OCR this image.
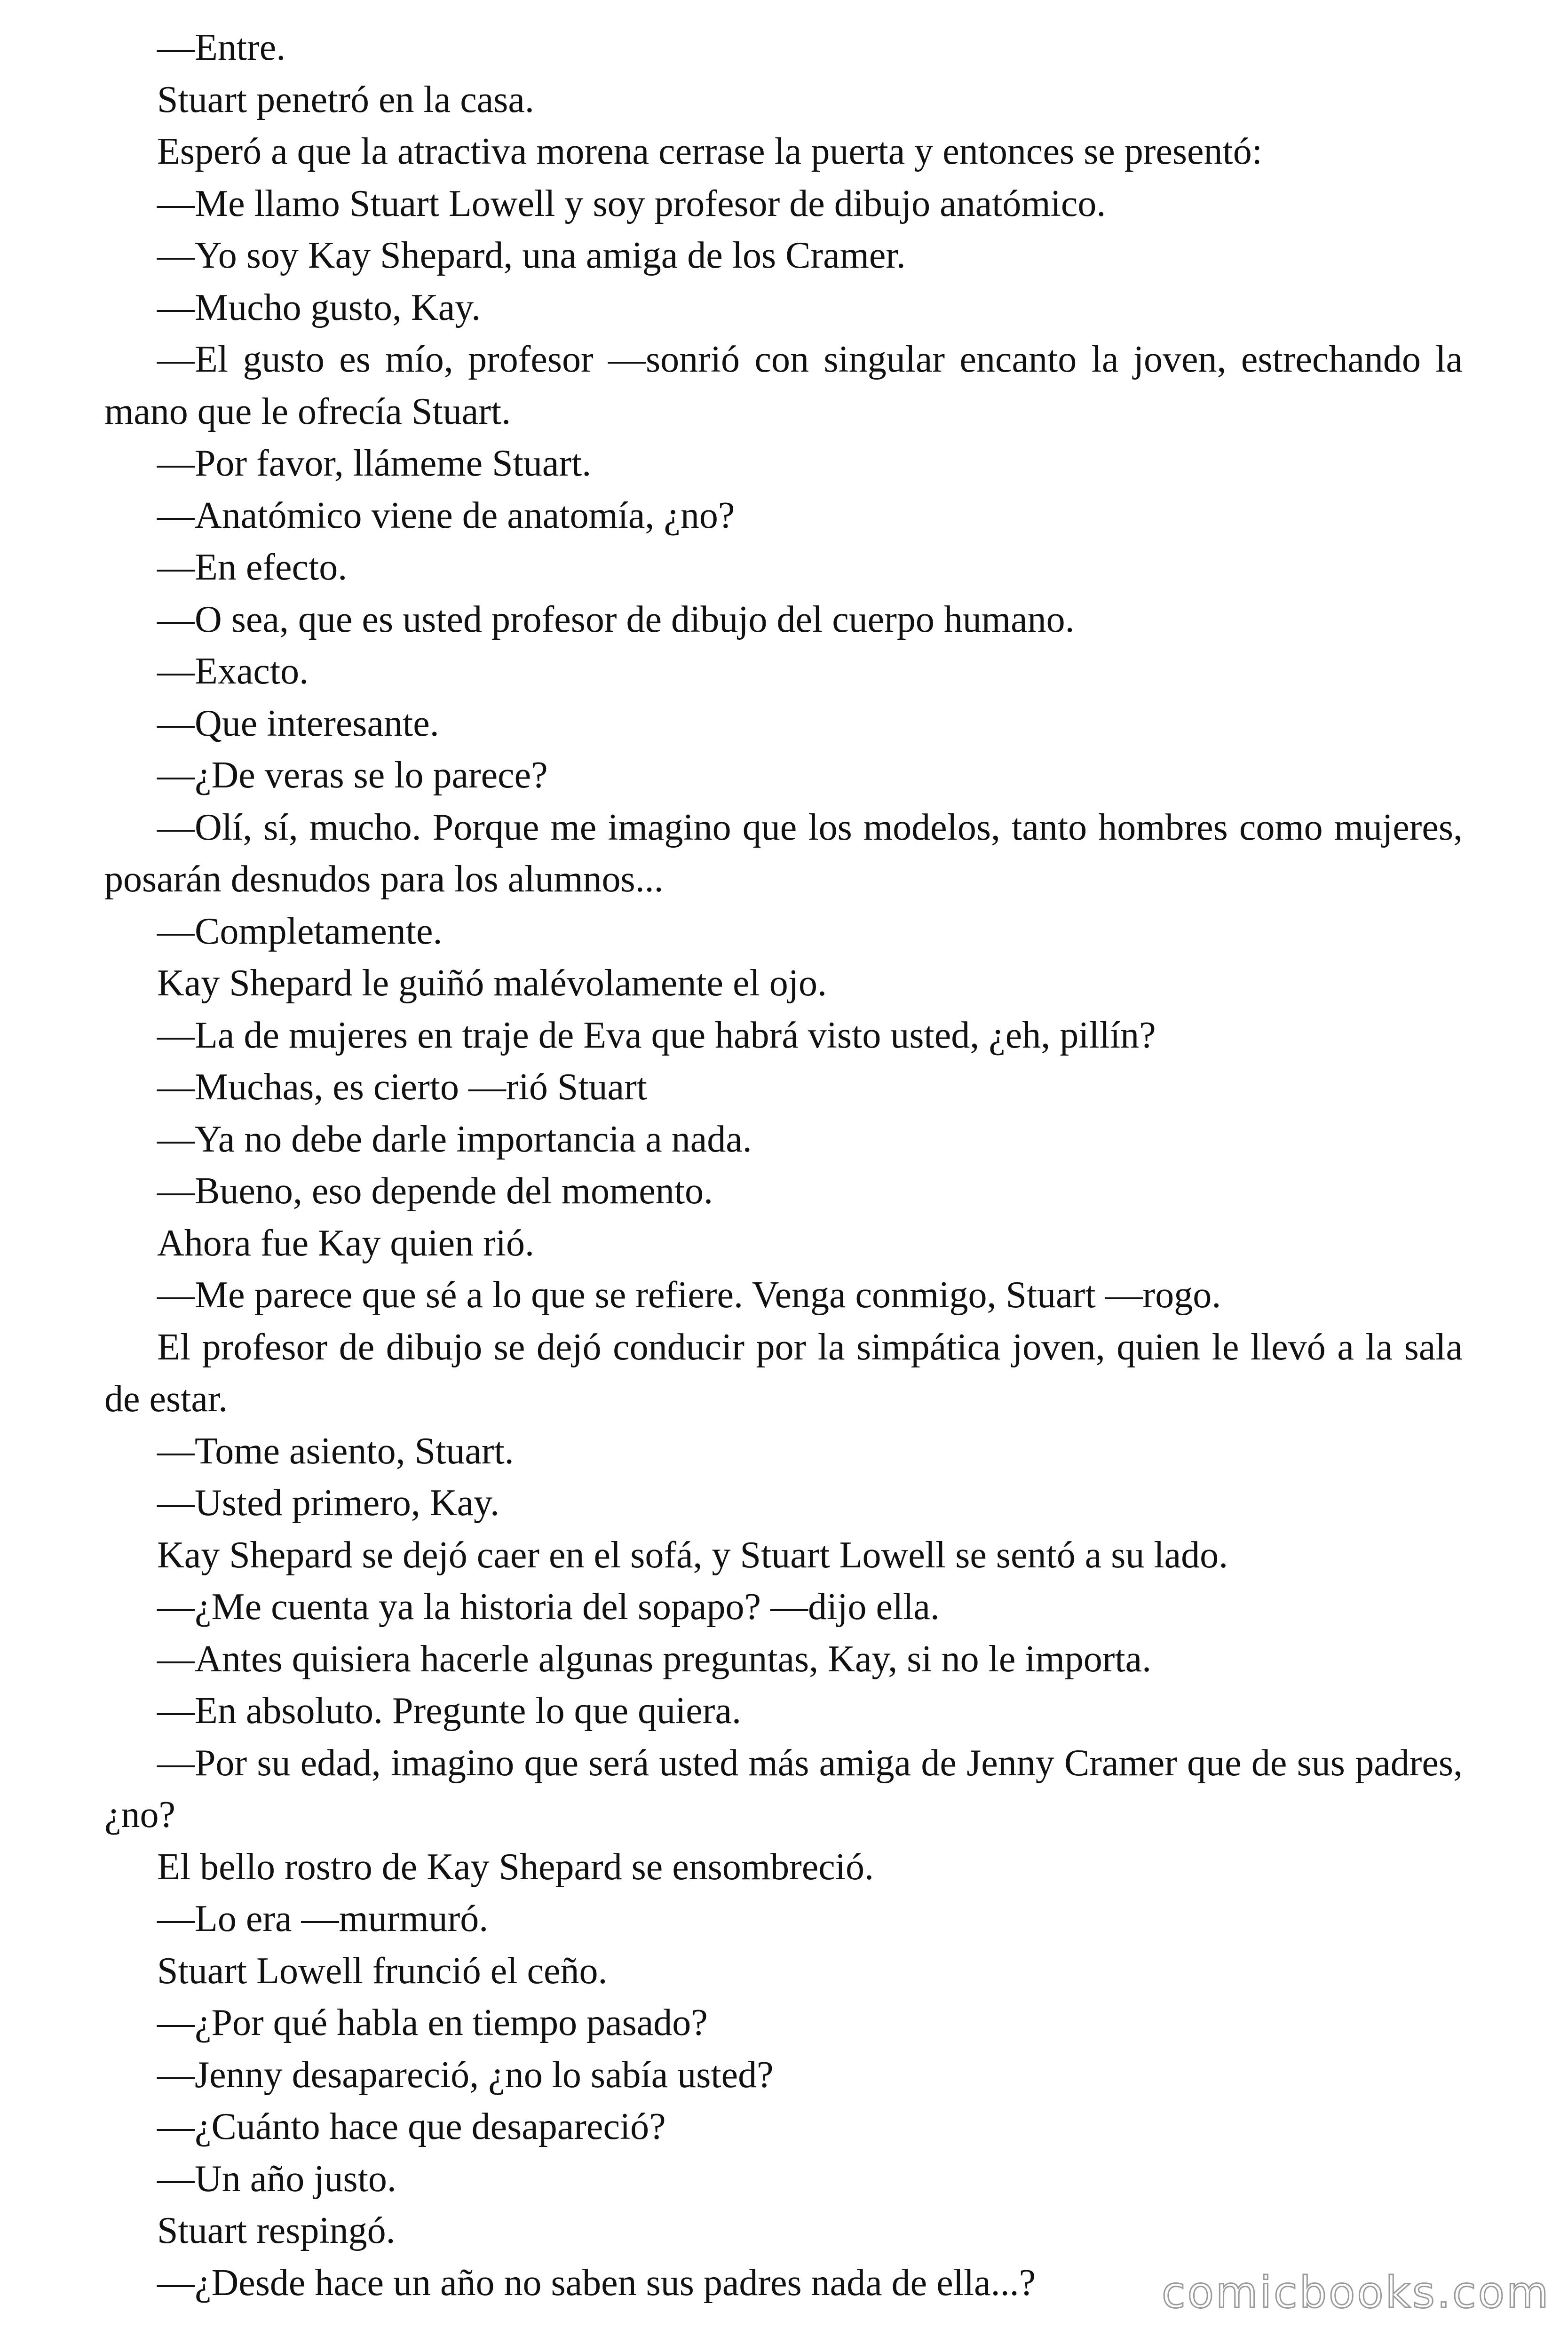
—Entre.

Stuart penetró en la casa.

Esperó a que la atractiva morena cerrase la puerta y entonces se presentó:

—Me llamo Stuart Lowell y soy profesor de dibujo anatómico.

—Yo soy Kay Shepard, una amiga de los Cramer.

—Mucho gusto, Kay.

—El gusto es mío, profesor —sonrió con singular encanto la joven, estrechando la mano que le ofrecía Stuart.

—Por favor, llámeme Stuart.

—Anatómico viene de anatomía, ¿no?

—En efecto.

—O sea, que es usted profesor de dibujo del cuerpo humano.

—Exacto.

—Que interesante.

—¿De veras se lo parece?

—Olí, sí, mucho. Porque me imagino que los modelos, tanto hombres como mujeres, posarán desnudos para los alumnos...

—Completamente.

Kay Shepard le guiñó malévolamente el ojo.

—La de mujeres en traje de Eva que habrá visto usted, ¿eh, pillín?

—Muchas, es cierto —rió Stuart

—Ya no debe darle importancia a nada.

—Bueno, eso depende del momento.

Ahora fue Kay quien rió.

—Me parece que sé a lo que se refiere. Venga conmigo, Stuart —rogo.

El profesor de dibujo se dejó conducir por la simpática joven, quien le llevó a la sala de estar.

—Tome asiento, Stuart.

—Usted primero, Kay.

Kay Shepard se dejó caer en el sofá, y Stuart Lowell se sentó a su lado.

—¿Me cuenta ya la historia del sopapo? —dijo ella.

—Antes quisiera hacerle algunas preguntas, Kay, si no le importa.

—En absoluto. Pregunte lo que quiera.

—Por su edad, imagino que será usted más amiga de Jenny Cramer que de sus padres, ¿no?

El bello rostro de Kay Shepard se ensombreció.

—Lo era —murmuró.

Stuart Lowell frunció el ceño.

—¿Por qué habla en tiempo pasado?

—Jenny desapareció, ¿no lo sabía usted?

—¿Cuánto hace que desapareció?

—Un año justo.

Stuart respingó.

—¿Desde hace un año no saben sus padres nada de ella...?	comicbooks.com
